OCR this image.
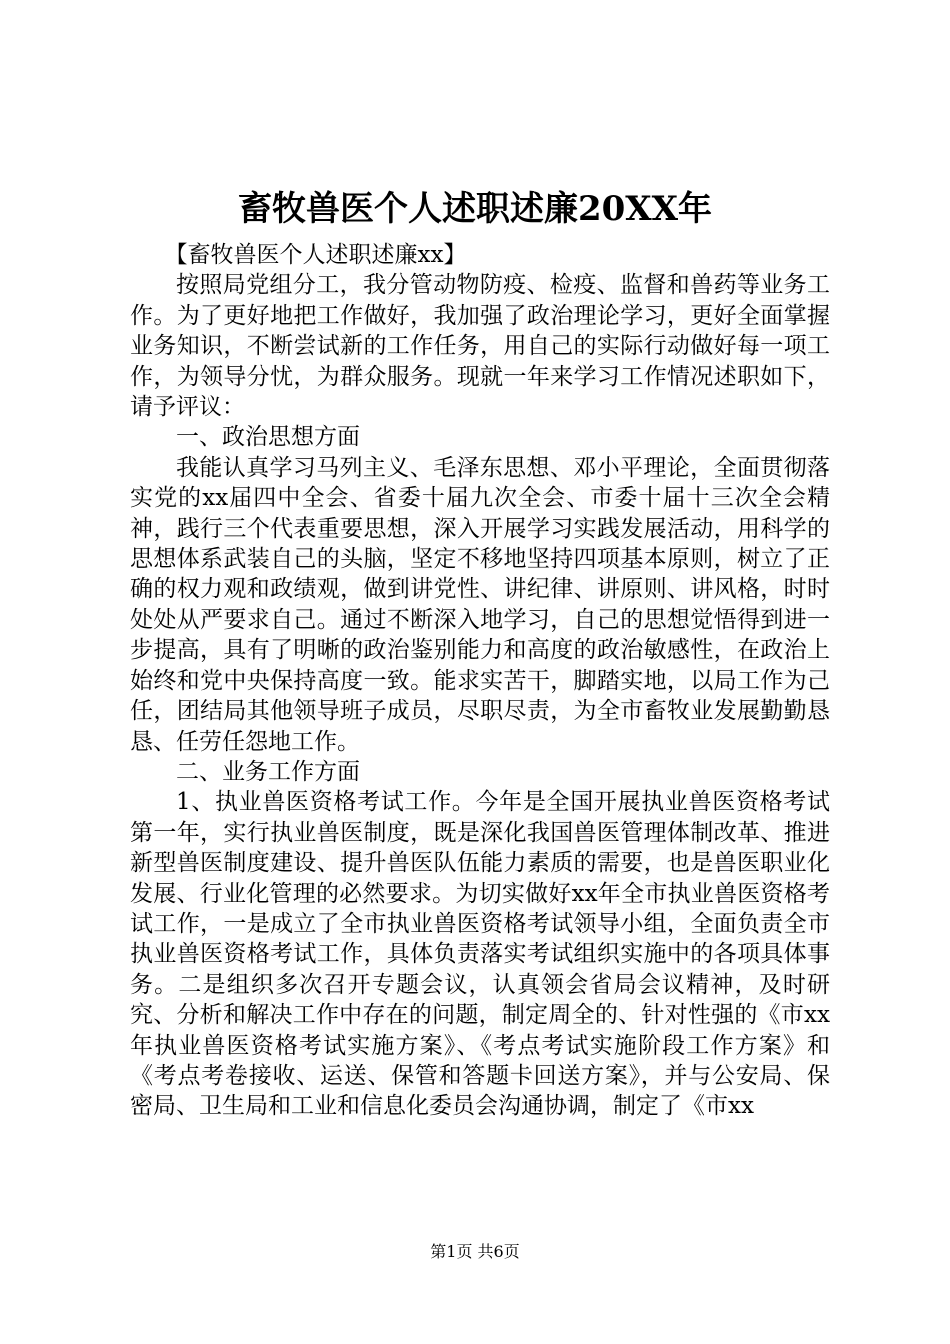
畜牧兽医个人述职述廉20XX年

【畜牧兽医个人述职述廉xx】

按照局党组分工，我分管动物防疫、检疫、监督和兽药等业务工作。为了更好地把工作做好，我加强了政治理论学习，更好全面掌握业务知识，不断尝试新的工作任务，用自己的实际行动做好每一项工作，为领导分忧，为群众服务。现就一年来学习工作情况述职如下，请予评议：

一、政治思想方面

我能认真学习马列主义、毛泽东思想、邓小平理论，全面贯彻落实党的xx届四中全会、省委十届九次全会、市委十届十三次全会精神，践行三个代表重要思想，深入开展学习实践发展活动，用科学的思想体系武装自己的头脑，坚定不移地坚持四项基本原则，树立了正确的权力观和政绩观，做到讲党性、讲纪律、讲原则、讲风格，时时处处从严要求自己。通过不断深入地学习，自己的思想觉悟得到进一步提高，具有了明晰的政治鉴别能力和高度的政治敏感性，在政治上始终和党中央保持高度一致。能求实苦干，脚踏实地，以局工作为己任，团结局其他领导班子成员，尽职尽责，为全市畜牧业发展勤勤恳恳、任劳任怨地工作。

二、业务工作方面

1、执业兽医资格考试工作。今年是全国开展执业兽医资格考试第一年，实行执业兽医制度，既是深化我国兽医管理体制改革、推进新型兽医制度建设、提升兽医队伍能力素质的需要，也是兽医职业化发展、行业化管理的必然要求。为切实做好xx年全市执业兽医资格考试工作，一是成立了全市执业兽医资格考试领导小组，全面负责全市执业兽医资格考试工作，具体负责落实考试组织实施中的各项具体事务。二是组织多次召开专题会议，认真领会省局会议精神，及时研究、分析和解决工作中存在的问题，制定周全的、针对性强的《市xx年执业兽医资格考试实施方案》、《考点考试实施阶段工作方案》和《考点考卷接收、运送、保管和答题卡回送方案》，并与公安局、保密局、卫生局和工业和信息化委员会沟通协调，制定了《市xx

第1页 共6页
